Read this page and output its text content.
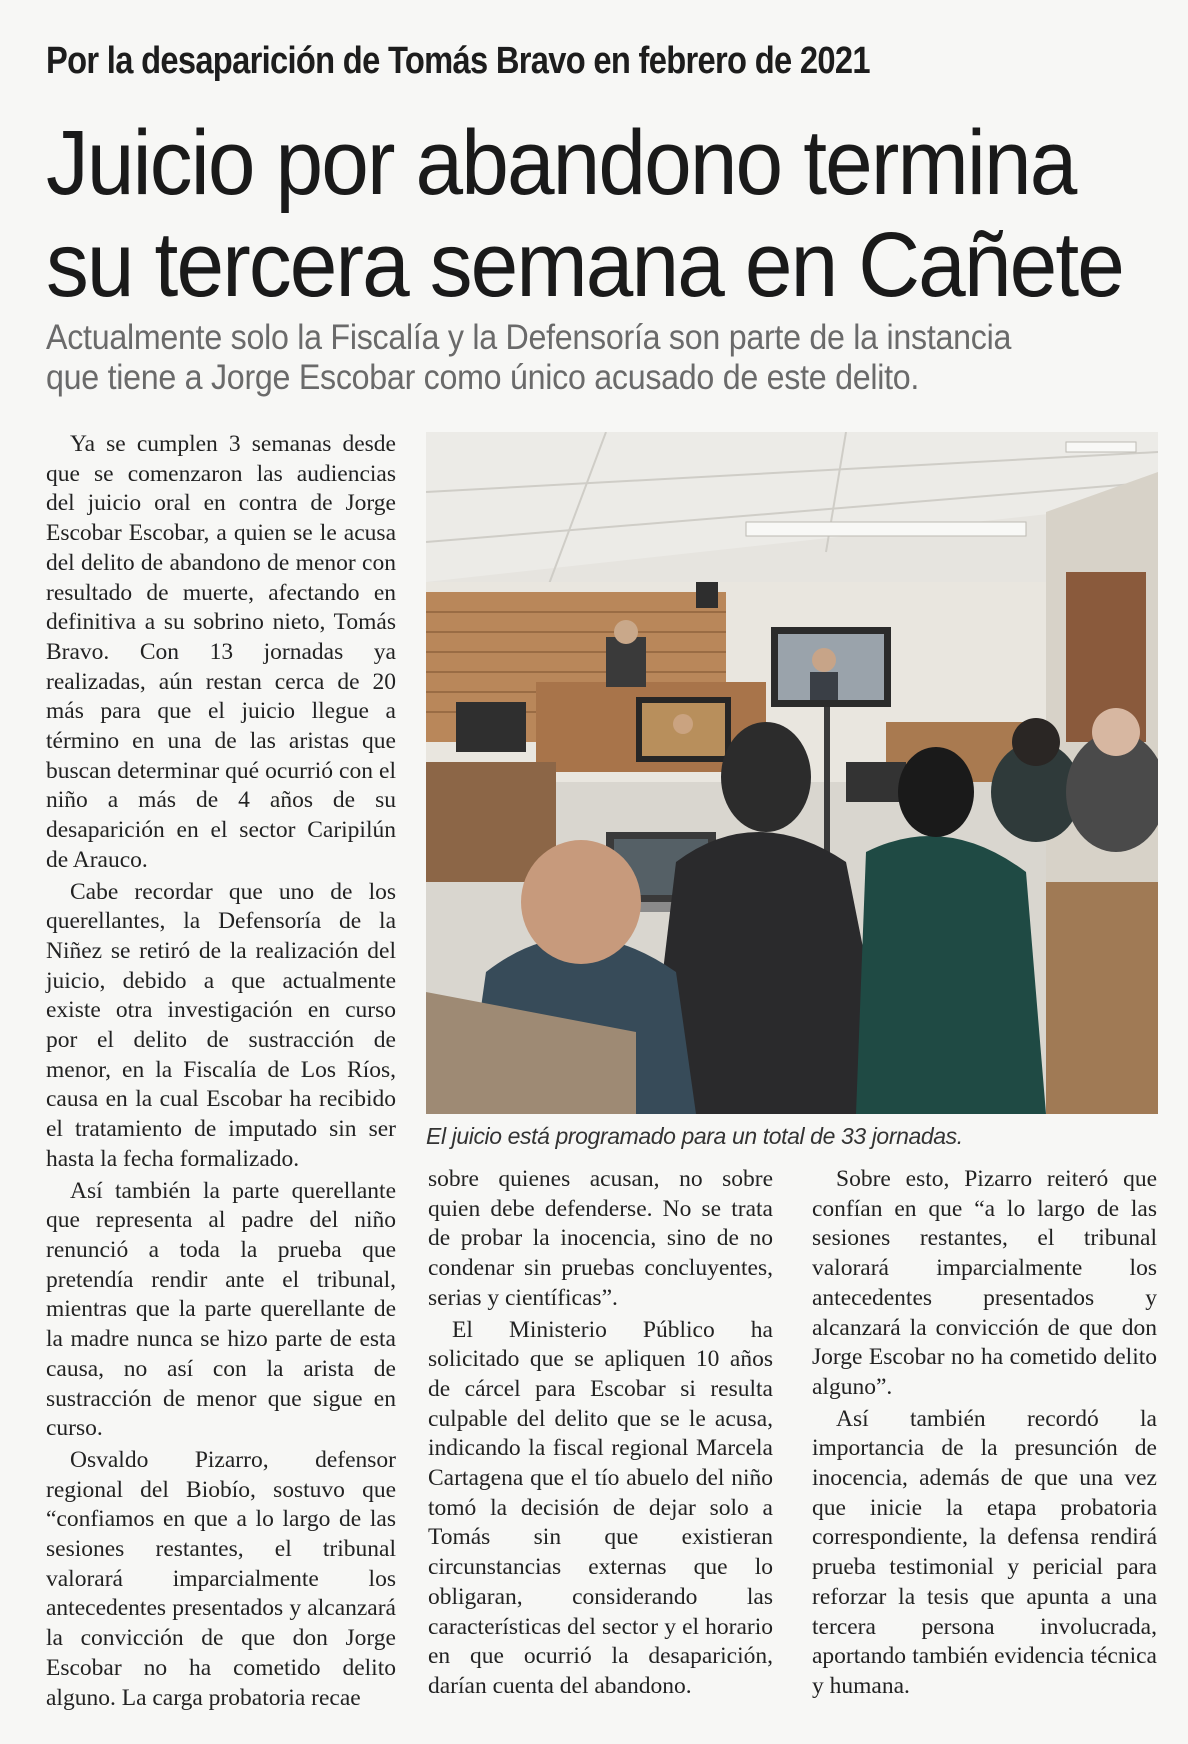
Por la desaparición de Tomás Bravo en febrero de 2021
Juicio por abandono termina
su tercera semana en Cañete
Actualmente solo la Fiscalía y la Defensoría son parte de la instancia
que tiene a Jorge Escobar como único acusado de este delito.

Ya se cumplen 3 semanas desde que se comenzaron las audiencias del juicio oral en contra de Jorge Escobar Escobar, a quien se le acusa del delito de abandono de menor con resultado de muerte, afectando en definitiva a su sobrino nieto, Tomás Bravo. Con 13 jornadas ya realizadas, aún restan cerca de 20 más para que el juicio llegue a término en una de las aristas que buscan determinar qué ocurrió con el niño a más de 4 años de su desaparición en el sector Caripilún de Arauco.

Cabe recordar que uno de los querellantes, la Defensoría de la Niñez se retiró de la realización del juicio, debido a que actualmente existe otra investigación en curso por el delito de sustracción de menor, en la Fiscalía de Los Ríos, causa en la cual Escobar ha recibido el tratamiento de imputado sin ser hasta la fecha formalizado.

Así también la parte querellante que representa al padre del niño renunció a toda la prueba que pretendía rendir ante el tribunal, mientras que la parte querellante de la madre nunca se hizo parte de esta causa, no así con la arista de sustracción de menor que sigue en curso.

Osvaldo Pizarro, defensor regional del Biobío, sostuvo que “confiamos en que a lo largo de las sesiones restantes, el tribunal valorará imparcialmente los antecedentes presentados y alcanzará la convicción de que don Jorge Escobar no ha cometido delito alguno. La carga probatoria recae

El juicio está programado para un total de 33 jornadas.

sobre quienes acusan, no sobre quien debe defenderse. No se trata de probar la inocencia, sino de no condenar sin pruebas concluyentes, serias y científicas”.

El Ministerio Público ha solicitado que se apliquen 10 años de cárcel para Escobar si resulta culpable del delito que se le acusa, indicando la fiscal regional Marcela Cartagena que el tío abuelo del niño tomó la decisión de dejar solo a Tomás sin que existieran circunstancias externas que lo obligaran, considerando las características del sector y el horario en que ocurrió la desaparición, darían cuenta del abandono.

Sobre esto, Pizarro reiteró que confían en que “a lo largo de las sesiones restantes, el tribunal valorará imparcialmente los antecedentes presentados y alcanzará la convicción de que don Jorge Escobar no ha cometido delito alguno”.

Así también recordó la importancia de la presunción de inocencia, además de que una vez que inicie la etapa probatoria correspondiente, la defensa rendirá prueba testimonial y pericial para reforzar la tesis que apunta a una tercera persona involucrada, aportando también evidencia técnica y humana.
